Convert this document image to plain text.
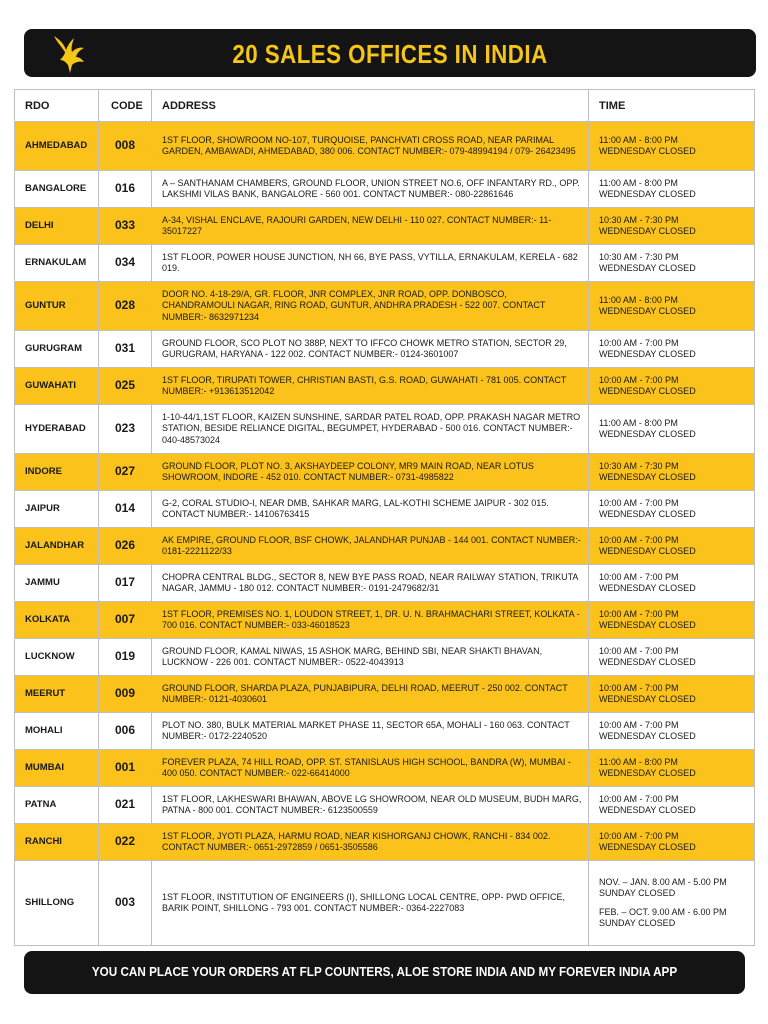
20 SALES OFFICES IN INDIA
RDO	CODE	ADDRESS	TIME
AHMEDABAD	008	1ST FLOOR, SHOWROOM NO-107, TURQUOISE, PANCHVATI CROSS ROAD, NEAR PARIMAL GARDEN, AMBAWADI, AHMEDABAD, 380 006. CONTACT NUMBER:- 079-48994194 / 079- 26423495	11:00 AM - 8:00 PM
WEDNESDAY CLOSED

BANGALORE	016	A – SANTHANAM CHAMBERS, GROUND FLOOR, UNION STREET NO.6, OFF INFANTARY RD., OPP. LAKSHMI VILAS BANK, BANGALORE - 560 001. CONTACT NUMBER:- 080-22861646	11:00 AM - 8:00 PM
WEDNESDAY CLOSED

DELHI	033	A-34, VISHAL ENCLAVE, RAJOURI GARDEN, NEW DELHI - 110 027. CONTACT NUMBER:- 11-35017227	10:30 AM - 7:30 PM
WEDNESDAY CLOSED

ERNAKULAM	034	1ST FLOOR, POWER HOUSE JUNCTION, NH 66, BYE PASS, VYTILLA, ERNAKULAM, KERELA - 682 019.	10:30 AM - 7:30 PM
WEDNESDAY CLOSED

GUNTUR	028	DOOR NO. 4-18-29/A, GR. FLOOR, JNR COMPLEX, JNR ROAD, OPP. DONBOSCO, CHANDRAMOULI NAGAR, RING ROAD, GUNTUR, ANDHRA PRADESH - 522 007. CONTACT NUMBER:- 8632971234	11:00 AM - 8:00 PM
WEDNESDAY CLOSED

GURUGRAM	031	GROUND FLOOR, SCO PLOT NO 388P, NEXT TO IFFCO CHOWK METRO STATION, SECTOR 29, GURUGRAM, HARYANA - 122 002. CONTACT NUMBER:- 0124-3601007	10:00 AM - 7:00 PM
WEDNESDAY CLOSED

GUWAHATI	025	1ST FLOOR, TIRUPATI TOWER, CHRISTIAN BASTI, G.S. ROAD, GUWAHATI - 781 005. CONTACT NUMBER:- +913613512042	10:00 AM - 7:00 PM
WEDNESDAY CLOSED

HYDERABAD	023	1-10-44/1,1ST FLOOR, KAIZEN SUNSHINE, SARDAR PATEL ROAD, OPP. PRAKASH NAGAR METRO STATION, BESIDE RELIANCE DIGITAL, BEGUMPET, HYDERABAD - 500 016. CONTACT NUMBER:- 040-48573024	11:00 AM - 8:00 PM
WEDNESDAY CLOSED

INDORE	027	GROUND FLOOR, PLOT NO. 3, AKSHAYDEEP COLONY, MR9 MAIN ROAD, NEAR LOTUS SHOWROOM, INDORE - 452 010. CONTACT NUMBER:- 0731-4985822	10:30 AM - 7:30 PM
WEDNESDAY CLOSED

JAIPUR	014	G-2, CORAL STUDIO-I, NEAR DMB, SAHKAR MARG, LAL-KOTHI SCHEME JAIPUR - 302 015. CONTACT NUMBER:- 14106763415	10:00 AM - 7:00 PM
WEDNESDAY CLOSED

JALANDHAR	026	AK EMPIRE, GROUND FLOOR, BSF CHOWK, JALANDHAR PUNJAB - 144 001. CONTACT NUMBER:- 0181-2221122/33	10:00 AM - 7:00 PM
WEDNESDAY CLOSED

JAMMU	017	CHOPRA CENTRAL BLDG., SECTOR 8, NEW BYE PASS ROAD, NEAR RAILWAY STATION, TRIKUTA NAGAR, JAMMU - 180 012. CONTACT NUMBER:- 0191-2479682/31	10:00 AM - 7:00 PM
WEDNESDAY CLOSED

KOLKATA	007	1ST FLOOR, PREMISES NO. 1, LOUDON STREET, 1, DR. U. N. BRAHMACHARI STREET, KOLKATA - 700 016. CONTACT NUMBER:- 033-46018523	10:00 AM - 7:00 PM
WEDNESDAY CLOSED

LUCKNOW	019	GROUND FLOOR, KAMAL NIWAS, 15 ASHOK MARG, BEHIND SBI, NEAR SHAKTI BHAVAN, LUCKNOW - 226 001. CONTACT NUMBER:- 0522-4043913	10:00 AM - 7:00 PM
WEDNESDAY CLOSED

MEERUT	009	GROUND FLOOR, SHARDA PLAZA, PUNJABIPURA, DELHI ROAD, MEERUT - 250 002. CONTACT NUMBER:- 0121-4030601	10:00 AM - 7:00 PM
WEDNESDAY CLOSED

MOHALI	006	PLOT NO. 380, BULK MATERIAL MARKET PHASE 11, SECTOR 65A, MOHALI - 160 063. CONTACT NUMBER:- 0172-2240520	10:00 AM - 7:00 PM
WEDNESDAY CLOSED

MUMBAI	001	FOREVER PLAZA, 74 HILL ROAD, OPP. ST. STANISLAUS HIGH SCHOOL, BANDRA (W), MUMBAI - 400 050. CONTACT NUMBER:- 022-66414000	11:00 AM - 8:00 PM
WEDNESDAY CLOSED

PATNA	021	1ST FLOOR, LAKHESWARI BHAWAN, ABOVE LG SHOWROOM, NEAR OLD MUSEUM, BUDH MARG, PATNA - 800 001. CONTACT NUMBER:- 6123500559	10:00 AM - 7:00 PM
WEDNESDAY CLOSED

RANCHI	022	1ST FLOOR, JYOTI PLAZA, HARMU ROAD, NEAR KISHORGANJ CHOWK, RANCHI - 834 002. CONTACT NUMBER:- 0651-2972859 / 0651-3505586	10:00 AM - 7:00 PM
WEDNESDAY CLOSED

SHILLONG	003	1ST FLOOR, INSTITUTION OF ENGINEERS (I), SHILLONG LOCAL CENTRE, OPP- PWD OFFICE, BARIK POINT, SHILLONG - 793 001. CONTACT NUMBER:- 0364-2227083	NOV. – JAN. 8.00 AM - 5.00 PM
SUNDAY CLOSED
FEB. – OCT. 9.00 AM - 6.00 PM
SUNDAY CLOSED
YOU CAN PLACE YOUR ORDERS AT FLP COUNTERS, ALOE STORE INDIA AND MY FOREVER INDIA APP
